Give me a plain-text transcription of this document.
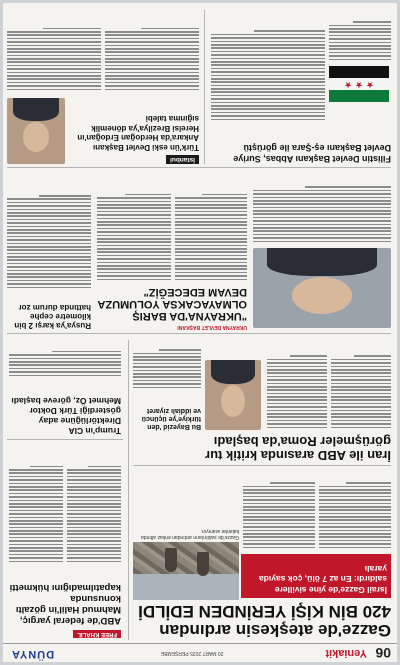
06
Yeniakit
20 MART 2025 PERŞEMBE
DÜNYA
Gazze'de ateşkesin ardından 420 BİN KİŞİ YERİNDEN EDİLDİ
İsrail Gazze'de yine sivillere saldırdı: En az 7 ölü, çok sayıda yaralı
Gazze'de saldırıların ardından enkaz altında kalanlar aranıyor.
FREE KHALIL
ABD'de federal yargıç, Mahmud Halil'in gözaltı konusunda kapatılmadığını hükmetti
İran ile ABD arasında kritik tur görüşmeler Roma'da başladı
Bu Bayezid 'den türkiye'ye üçüncü ve iddialı ziyaret
Trump'ın CIA Direktörlüğüne aday gösterdiği Türk Doktor Mehmet Öz, göreve başladı
UKRAYNA DEVLET BAŞKANI
"UKRAYNA'DA BARIŞ OLMAYACAKSA YOLUMUZA DEVAM EDECEĞİZ"
Rusya'ya karşı 2 bin kilometre cephe hattında durum zor
Filistin Devlet Başkanı Abbas, Suriye Devlet Başkanı eş-Şara ile görüştü
★ ★ ★
İstanbul
Türk'ün eski Devlet Başkanı Ankara'da Herdoğan Erdoğan'ın Herelsi Brezilya'ya dönemlik sığınma talebi
